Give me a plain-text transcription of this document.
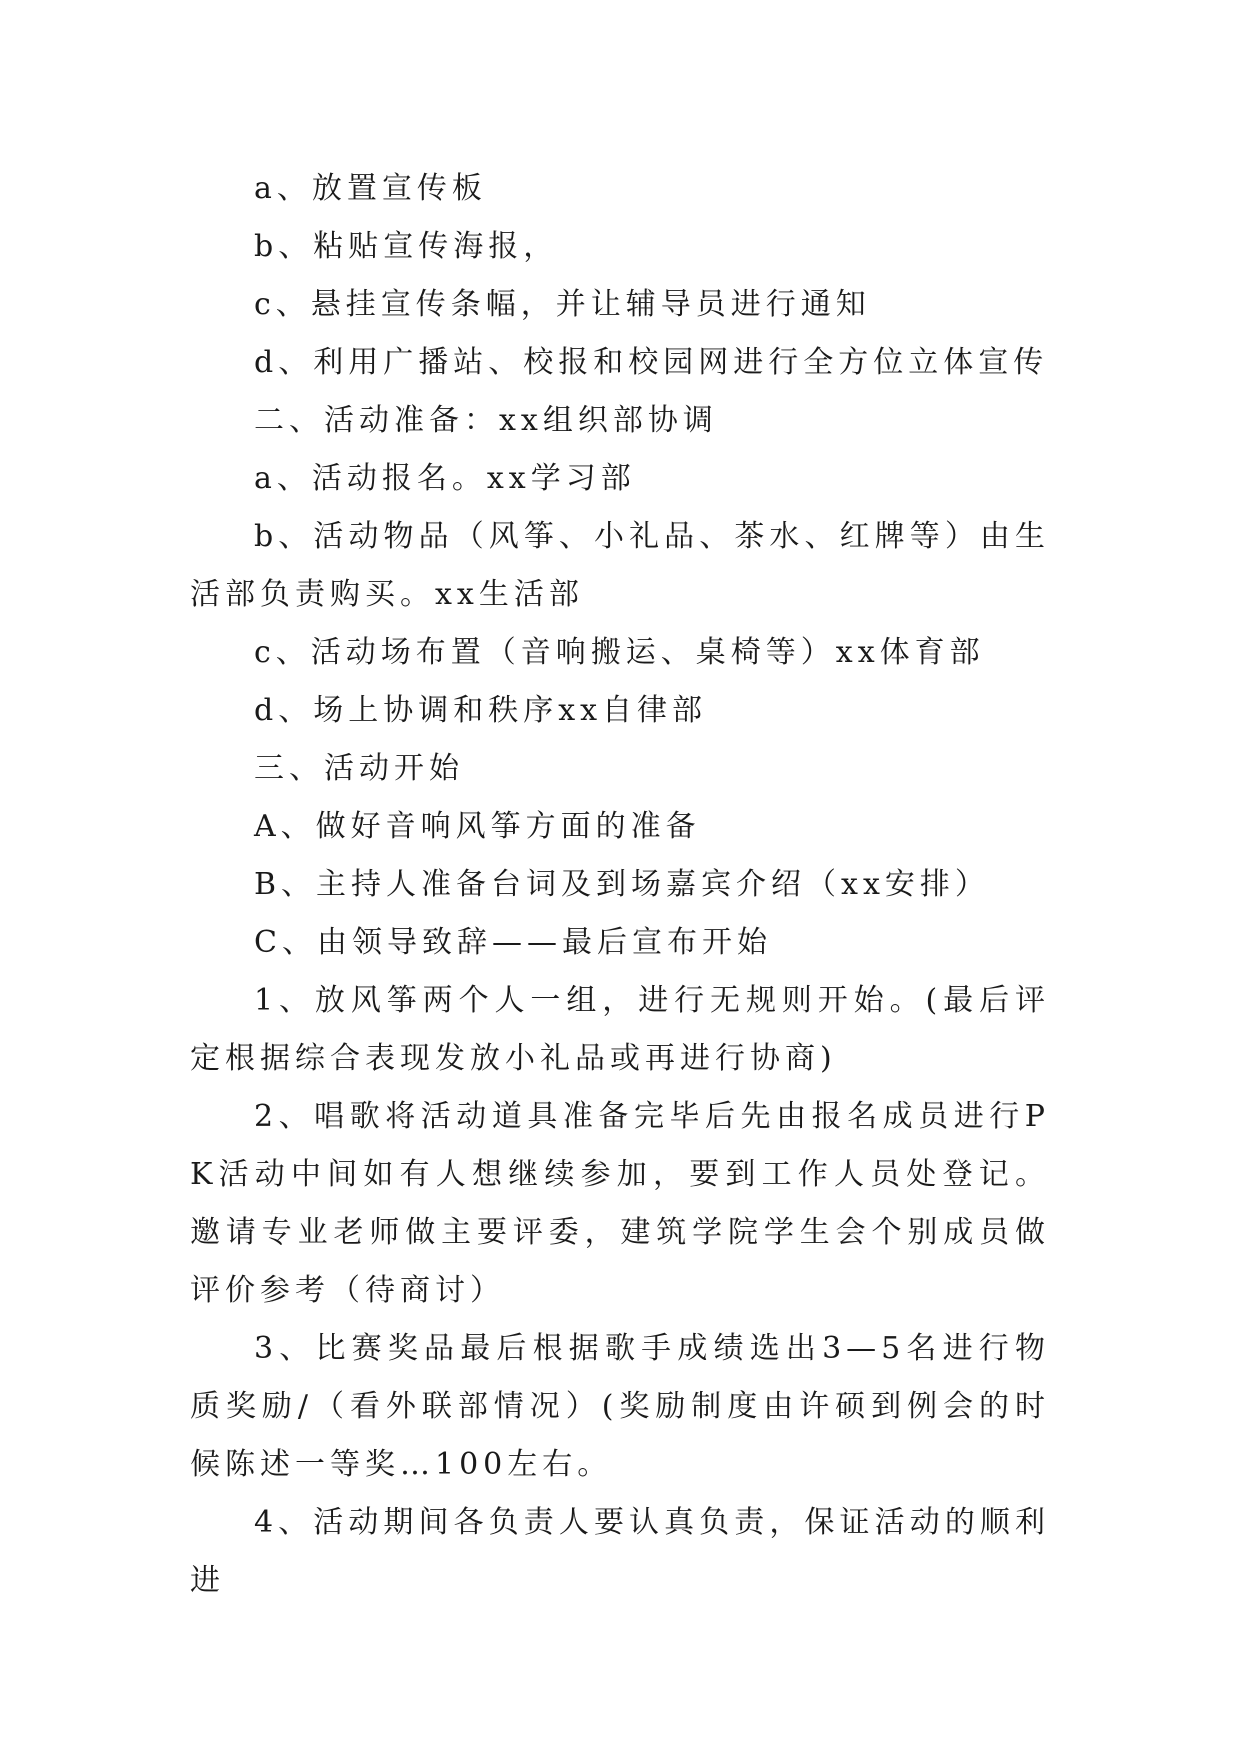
a、放置宣传板

b、粘贴宣传海报，

c、悬挂宣传条幅，并让辅导员进行通知

d、利用广播站、校报和校园网进行全方位立体宣传

二、活动准备：xx组织部协调

a、活动报名。xx学习部

b、活动物品（风筝、小礼品、茶水、红牌等）由生活部负责购买。xx生活部

c、活动场布置（音响搬运、桌椅等）xx体育部

d、场上协调和秩序xx自律部

三、活动开始

A、做好音响风筝方面的准备

B、主持人准备台词及到场嘉宾介绍（xx安排）

C、由领导致辞——最后宣布开始

1、放风筝两个人一组，进行无规则开始。(最后评定根据综合表现发放小礼品或再进行协商)

2、唱歌将活动道具准备完毕后先由报名成员进行PK活动中间如有人想继续参加，要到工作人员处登记。邀请专业老师做主要评委，建筑学院学生会个别成员做评价参考（待商讨）

3、比赛奖品最后根据歌手成绩选出3—5名进行物质奖励/（看外联部情况）(奖励制度由许硕到例会的时候陈述一等奖…100左右。

4、活动期间各负责人要认真负责，保证活动的顺利进
